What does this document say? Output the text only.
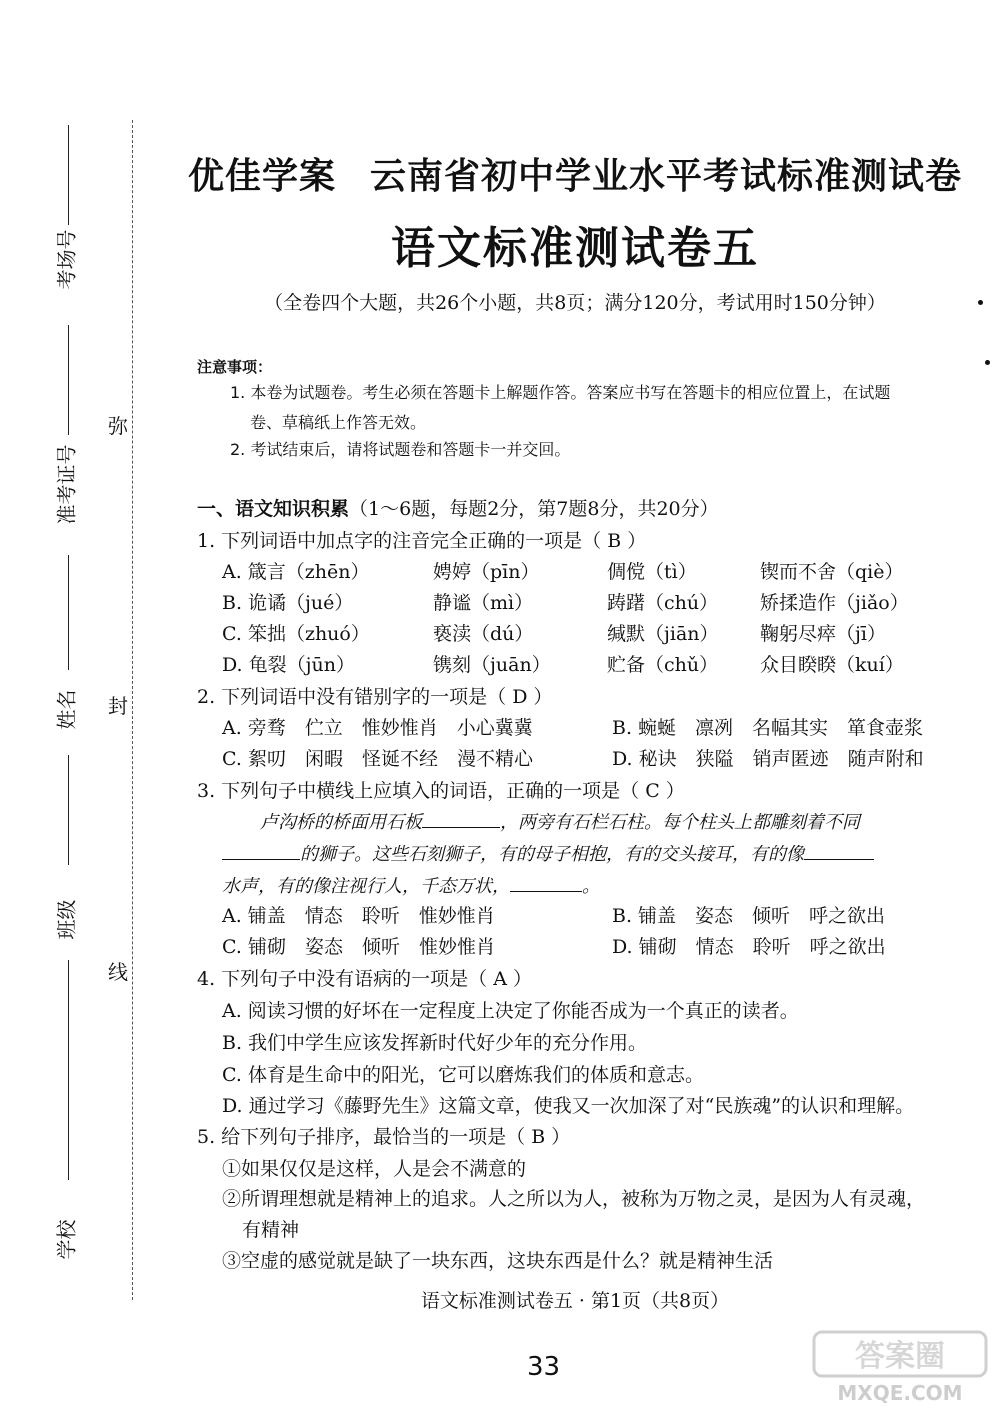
考场号
准考证号
姓名
班级
学校
弥
封
线
优佳学案 云南省初中学业水平考试标准测试卷
语文标准测试卷五
（全卷四个大题，共26个小题，共8页；满分120分，考试用时150分钟）
注意事项：
1. 本卷为试题卷。考生必须在答题卡上解题作答。答案应书写在答题卡的相应位置上，在试题
卷、草稿纸上作答无效。
2. 考试结束后，请将试题卷和答题卡一并交回。
一、语文知识积累（1～6题，每题2分，第7题8分，共20分）
1. 下列词语中加点字的注音完全正确的一项是（ B ）
A. 箴言（zhēn）	娉婷（pīn）	倜傥（tì）	锲而不舍（qiè）
B. 诡谲（jué）	静谧（mì）	踌躇（chú） 矫揉造作（jiǎo）
C. 笨拙（zhuó）	亵渎（dú）	缄默（jiān） 鞠躬尽瘁（jī）
D. 龟裂（jūn）	镌刻（juān）	贮备（chǔ） 众目睽睽（kuí）
2. 下列词语中没有错别字的一项是（ D ）
A. 旁骛　伫立　惟妙惟肖　小心冀冀	B. 蜿蜒　凛冽　名幅其实　箪食壶浆
C. 絮叨　闲暇　怪诞不经　漫不精心	D. 秘诀　狭隘　销声匿迹　随声附和
3. 下列句子中横线上应填入的词语，正确的一项是（ C ）
卢沟桥的桥面用石板	，两旁有石栏石柱。每个柱头上都雕刻着不同
的狮子。这些石刻狮子，有的母子相抱，有的交头接耳，有的像
水声，有的像注视行人，千态万状，	。
A. 铺盖　情态　聆听　惟妙惟肖	B. 铺盖　姿态　倾听　呼之欲出
C. 铺砌　姿态　倾听　惟妙惟肖	D. 铺砌　情态　聆听　呼之欲出
4. 下列句子中没有语病的一项是（ A ）
A. 阅读习惯的好坏在一定程度上决定了你能否成为一个真正的读者。
B. 我们中学生应该发挥新时代好少年的充分作用。
C. 体育是生命中的阳光，它可以磨炼我们的体质和意志。
D. 通过学习《藤野先生》这篇文章，使我又一次加深了对“民族魂”的认识和理解。
5. 给下列句子排序，最恰当的一项是（ B ）
①如果仅仅是这样，人是会不满意的
②所谓理想就是精神上的追求。人之所以为人，被称为万物之灵，是因为人有灵魂，
有精神
③空虚的感觉就是缺了一块东西，这块东西是什么？就是精神生活
语文标准测试卷五 · 第1页（共8页）
33	答案圈
MXQE.COM
